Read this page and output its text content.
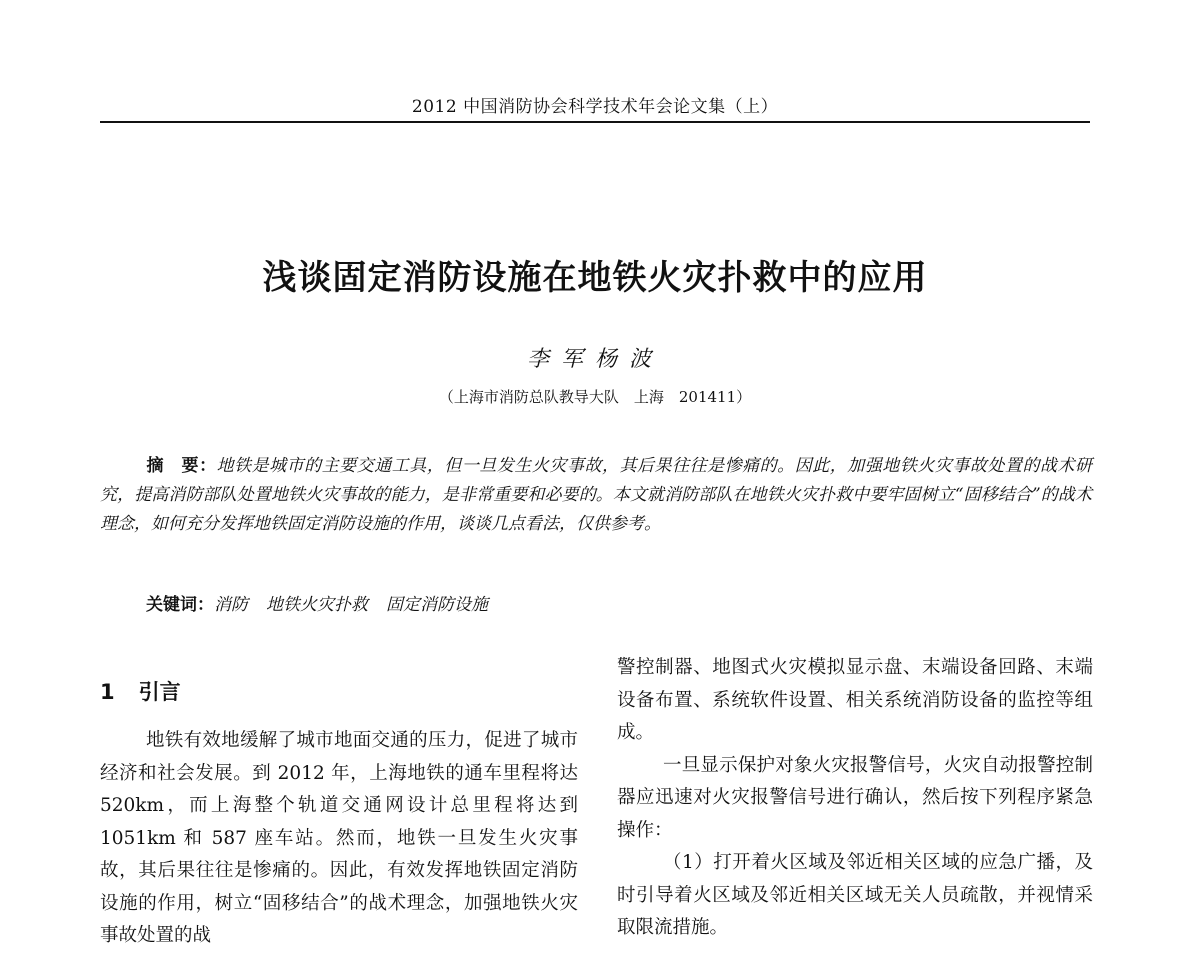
2012 中国消防协会科学技术年会论文集（上）
浅谈固定消防设施在地铁火灾扑救中的应用
李军杨波
（上海市消防总队教导大队　上海　201411）
摘　要：地铁是城市的主要交通工具，但一旦发生火灾事故，其后果往往是惨痛的。因此，加强地铁火灾事故处置的战术研究，提高消防部队处置地铁火灾事故的能力，是非常重要和必要的。本文就消防部队在地铁火灾扑救中要牢固树立“固移结合”的战术理念，如何充分发挥地铁固定消防设施的作用，谈谈几点看法，仅供参考。
关键词：消防 地铁火灾扑救 固定消防设施
1 引言

地铁有效地缓解了城市地面交通的压力，促进了城市经济和社会发展。到 2012 年，上海地铁的通车里程将达 520km，而上海整个轨道交通网设计总里程将达到 1051km 和 587 座车站。然而，地铁一旦发生火灾事故，其后果往往是惨痛的。因此，有效发挥地铁固定消防设施的作用，树立“固移结合”的战术理念，加强地铁火灾事故处置的战

警控制器、地图式火灾模拟显示盘、末端设备回路、末端设备布置、系统软件设置、相关系统消防设备的监控等组成。

一旦显示保护对象火灾报警信号，火灾自动报警控制器应迅速对火灾报警信号进行确认，然后按下列程序紧急操作：

（1）打开着火区域及邻近相关区域的应急广播，及时引导着火区域及邻近相关区域无关人员疏散，并视情采取限流措施。
